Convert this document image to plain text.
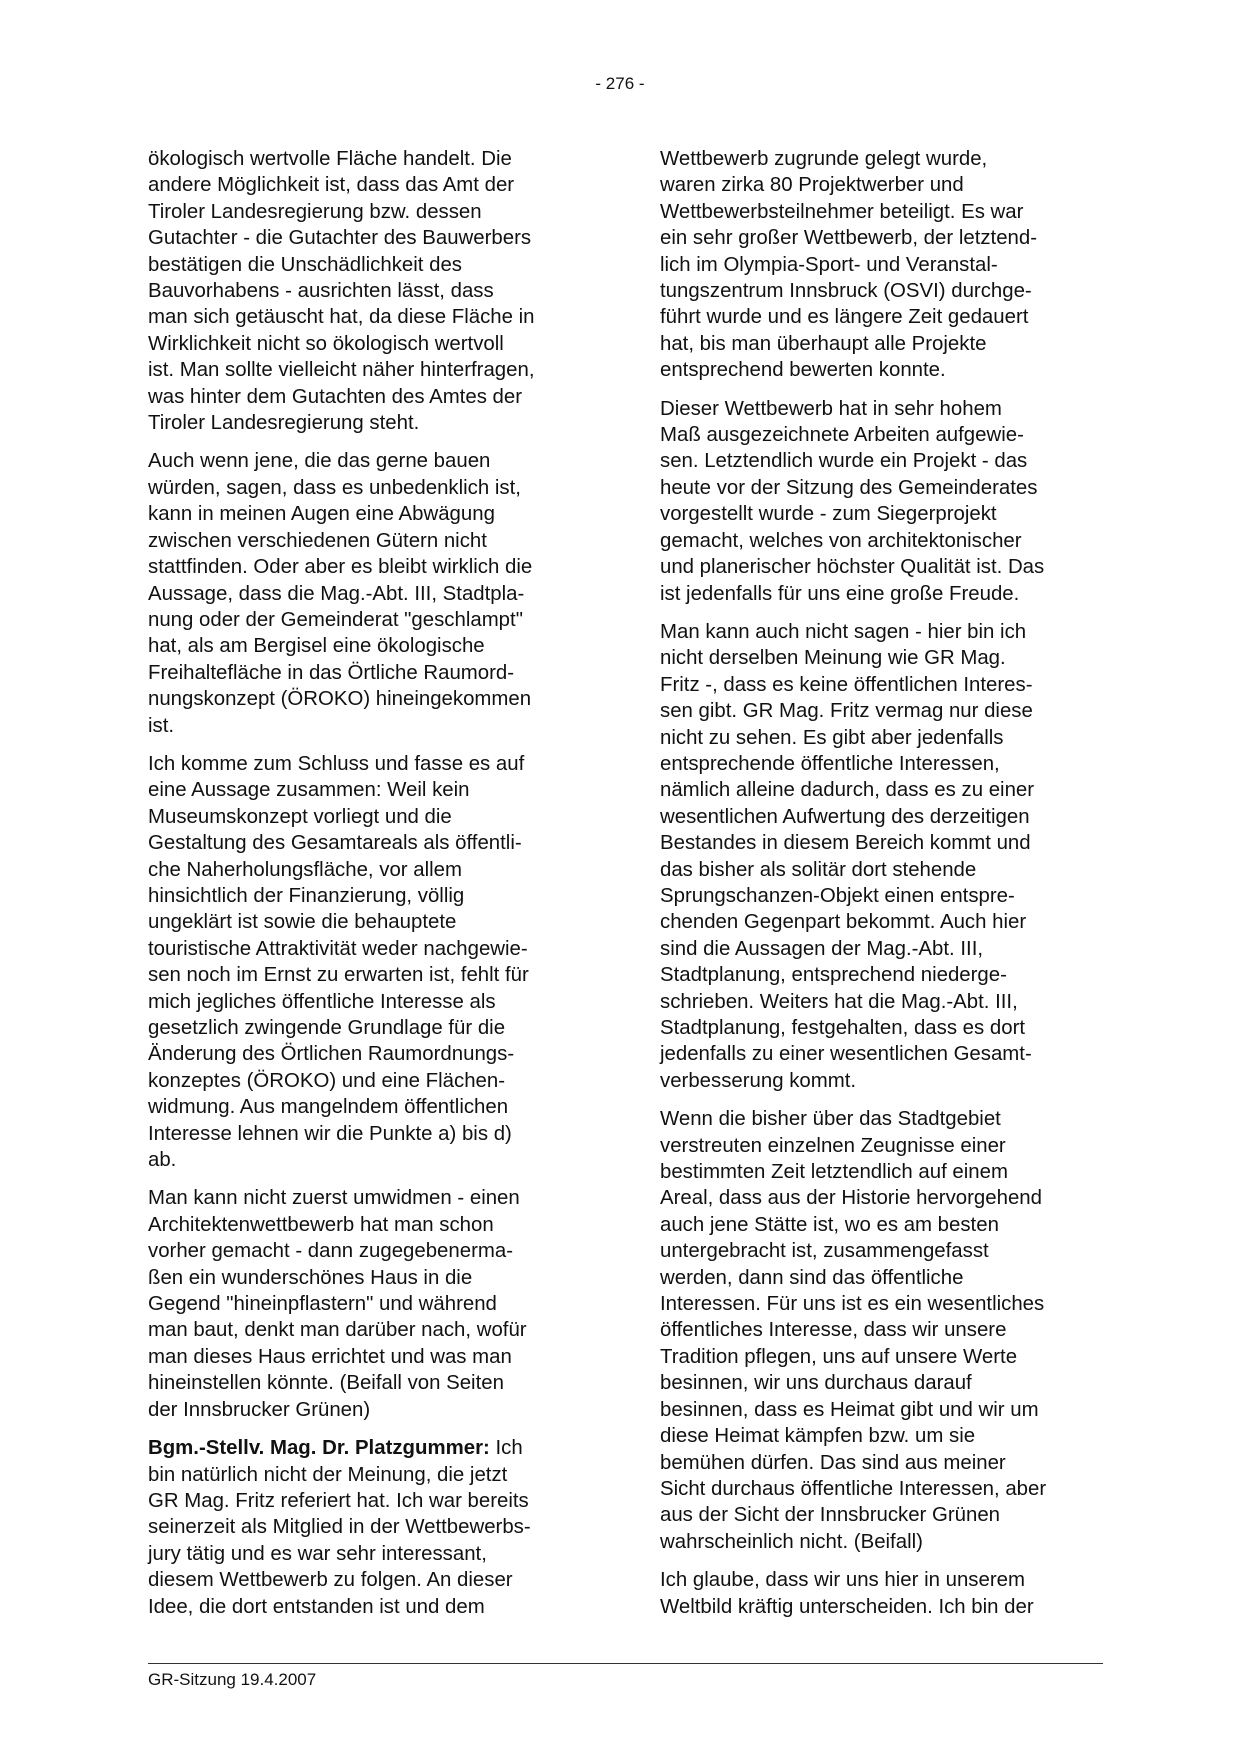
- 276 -

ökologisch wertvolle Fläche handelt. Die
andere Möglichkeit ist, dass das Amt der
Tiroler Landesregierung bzw. dessen
Gutachter - die Gutachter des Bauwerbers
bestätigen die Unschädlichkeit des
Bauvorhabens - ausrichten lässt, dass
man sich getäuscht hat, da diese Fläche in
Wirklichkeit nicht so ökologisch wertvoll
ist. Man sollte vielleicht näher hinterfragen,
was hinter dem Gutachten des Amtes der
Tiroler Landesregierung steht.

Auch wenn jene, die das gerne bauen
würden, sagen, dass es unbedenklich ist,
kann in meinen Augen eine Abwägung
zwischen verschiedenen Gütern nicht
stattfinden. Oder aber es bleibt wirklich die
Aussage, dass die Mag.-Abt. III, Stadtpla-
nung oder der Gemeinderat "geschlampt"
hat, als am Bergisel eine ökologische
Freihaltefläche in das Örtliche Raumord-
nungskonzept (ÖROKO) hineingekommen
ist.

Ich komme zum Schluss und fasse es auf
eine Aussage zusammen: Weil kein
Museumskonzept vorliegt und die
Gestaltung des Gesamtareals als öffentli-
che Naherholungsfläche, vor allem
hinsichtlich der Finanzierung, völlig
ungeklärt ist sowie die behauptete
touristische Attraktivität weder nachgewie-
sen noch im Ernst zu erwarten ist, fehlt für
mich jegliches öffentliche Interesse als
gesetzlich zwingende Grundlage für die
Änderung des Örtlichen Raumordnungs-
konzeptes (ÖROKO) und eine Flächen-
widmung. Aus mangelndem öffentlichen
Interesse lehnen wir die Punkte a) bis d)
ab.

Man kann nicht zuerst umwidmen - einen
Architektenwettbewerb hat man schon
vorher gemacht - dann zugegebenerma-
ßen ein wunderschönes Haus in die
Gegend "hineinpflastern" und während
man baut, denkt man darüber nach, wofür
man dieses Haus errichtet und was man
hineinstellen könnte. (Beifall von Seiten
der Innsbrucker Grünen)

Bgm.-Stellv. Mag. Dr. Platzgummer: Ich
bin natürlich nicht der Meinung, die jetzt
GR Mag. Fritz referiert hat. Ich war bereits
seinerzeit als Mitglied in der Wettbewerbs-
jury tätig und es war sehr interessant,
diesem Wettbewerb zu folgen. An dieser
Idee, die dort entstanden ist und dem

Wettbewerb zugrunde gelegt wurde,
waren zirka 80 Projektwerber und
Wettbewerbsteilnehmer beteiligt. Es war
ein sehr großer Wettbewerb, der letztend-
lich im Olympia-Sport- und Veranstal-
tungszentrum Innsbruck (OSVI) durchge-
führt wurde und es längere Zeit gedauert
hat, bis man überhaupt alle Projekte
entsprechend bewerten konnte.

Dieser Wettbewerb hat in sehr hohem
Maß ausgezeichnete Arbeiten aufgewie-
sen. Letztendlich wurde ein Projekt - das
heute vor der Sitzung des Gemeinderates
vorgestellt wurde - zum Siegerprojekt
gemacht, welches von architektonischer
und planerischer höchster Qualität ist. Das
ist jedenfalls für uns eine große Freude.

Man kann auch nicht sagen - hier bin ich
nicht derselben Meinung wie GR Mag.
Fritz -, dass es keine öffentlichen Interes-
sen gibt. GR Mag. Fritz vermag nur diese
nicht zu sehen. Es gibt aber jedenfalls
entsprechende öffentliche Interessen,
nämlich alleine dadurch, dass es zu einer
wesentlichen Aufwertung des derzeitigen
Bestandes in diesem Bereich kommt und
das bisher als solitär dort stehende
Sprungschanzen-Objekt einen entspre-
chenden Gegenpart bekommt. Auch hier
sind die Aussagen der Mag.-Abt. III,
Stadtplanung, entsprechend niederge-
schrieben. Weiters hat die Mag.-Abt. III,
Stadtplanung, festgehalten, dass es dort
jedenfalls zu einer wesentlichen Gesamt-
verbesserung kommt.

Wenn die bisher über das Stadtgebiet
verstreuten einzelnen Zeugnisse einer
bestimmten Zeit letztendlich auf einem
Areal, dass aus der Historie hervorgehend
auch jene Stätte ist, wo es am besten
untergebracht ist, zusammengefasst
werden, dann sind das öffentliche
Interessen. Für uns ist es ein wesentliches
öffentliches Interesse, dass wir unsere
Tradition pflegen, uns auf unsere Werte
besinnen, wir uns durchaus darauf
besinnen, dass es Heimat gibt und wir um
diese Heimat kämpfen bzw. um sie
bemühen dürfen. Das sind aus meiner
Sicht durchaus öffentliche Interessen, aber
aus der Sicht der Innsbrucker Grünen
wahrscheinlich nicht. (Beifall)

Ich glaube, dass wir uns hier in unserem
Weltbild kräftig unterscheiden. Ich bin der

GR-Sitzung 19.4.2007
